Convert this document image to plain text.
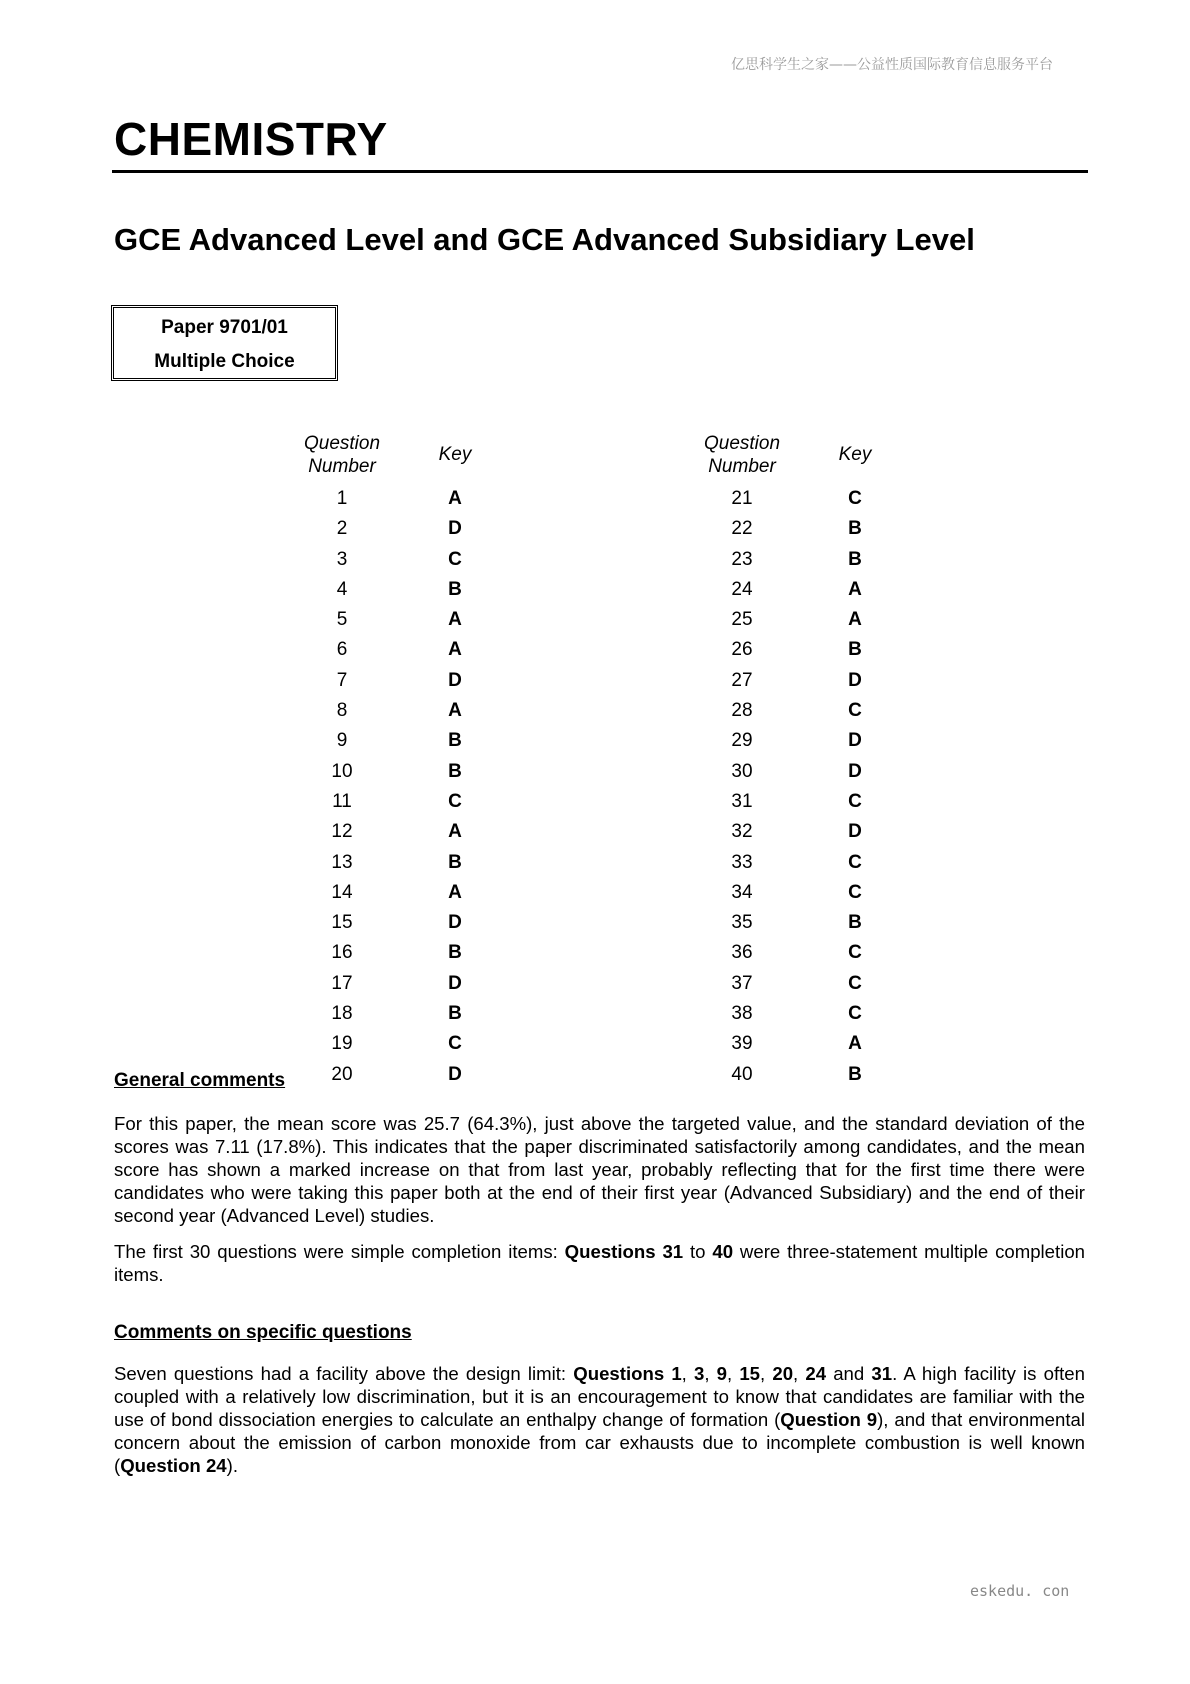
亿思科学生之家——公益性质国际教育信息服务平台
CHEMISTRY
GCE Advanced Level and GCE Advanced Subsidiary Level
Paper 9701/01
Multiple Choice
Question Number
Key
1	A
2	D
3	C
4	B
5	A
6	A
7	D
8	A
9	B
10	B
11	C
12	A
13	B
14	A
15	D
16	B
17	D
18	B
19	C
20	D
Question Number
Key
21	C
22	B
23	B
24	A
25	A
26	B
27	D
28	C
29	D
30	D
31	C
32	D
33	C
34	C
35	B
36	C
37	C
38	C
39	A
40	B
General comments
For this paper, the mean score was 25.7 (64.3%), just above the targeted value, and the standard deviation of the scores was 7.11 (17.8%). This indicates that the paper discriminated satisfactorily among candidates, and the mean score has shown a marked increase on that from last year, probably reflecting that for the first time there were candidates who were taking this paper both at the end of their first year (Advanced Subsidiary) and the end of their second year (Advanced Level) studies.
The first 30 questions were simple completion items: Questions 31 to 40 were three-statement multiple completion items.
Comments on specific questions
Seven questions had a facility above the design limit: Questions 1, 3, 9, 15, 20, 24 and 31. A high facility is often coupled with a relatively low discrimination, but it is an encouragement to know that candidates are familiar with the use of bond dissociation energies to calculate an enthalpy change of formation (Question 9), and that environmental concern about the emission of carbon monoxide from car exhausts due to incomplete combustion is well known (Question 24).
eskedu. con
